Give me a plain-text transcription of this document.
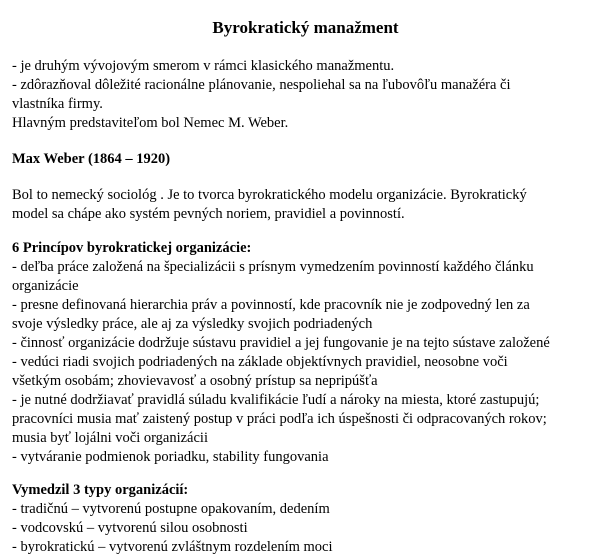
Byrokratický manažment
- je druhým vývojovým smerom v rámci klasického manažmentu.
- zdôrazňoval dôležité racionálne plánovanie, nespoliehal sa na ľubovôľu manažéra či
vlastníka firmy.
Hlavným predstaviteľom bol Nemec M. Weber.
Max Weber (1864 – 1920)
Bol to nemecký sociológ . Je to tvorca byrokratického modelu organizácie. Byrokratický
model sa chápe ako systém pevných noriem, pravidiel a povinností.
6 Princípov byrokratickej organizácie:
- deľba práce založená na špecializácii s prísnym vymedzením povinností každého článku
organizácie
- presne definovaná hierarchia práv a povinností, kde pracovník nie je zodpovedný len za
svoje výsledky práce, ale aj za výsledky svojich podriadených
- činnosť organizácie dodržuje sústavu pravidiel a jej fungovanie je na tejto sústave založené
- vedúci riadi svojich podriadených na základe objektívnych pravidiel, neosobne voči
všetkým osobám; zhovievavosť a osobný prístup sa nepripúšťa
- je nutné dodržiavať pravidlá súladu kvalifikácie ľudí a nároky na miesta, ktoré zastupujú;
pracovníci musia mať zaistený postup v práci podľa ich úspešnosti či odpracovaných rokov;
musia byť lojálni voči organizácii
- vytváranie podmienok poriadku, stability fungovania
Vymedzil 3 typy organizácií:
- tradičnú – vytvorenú postupne opakovaním, dedením
- vodcovskú – vytvorenú silou osobnosti
- byrokratickú – vytvorenú zvláštnym rozdelením moci
